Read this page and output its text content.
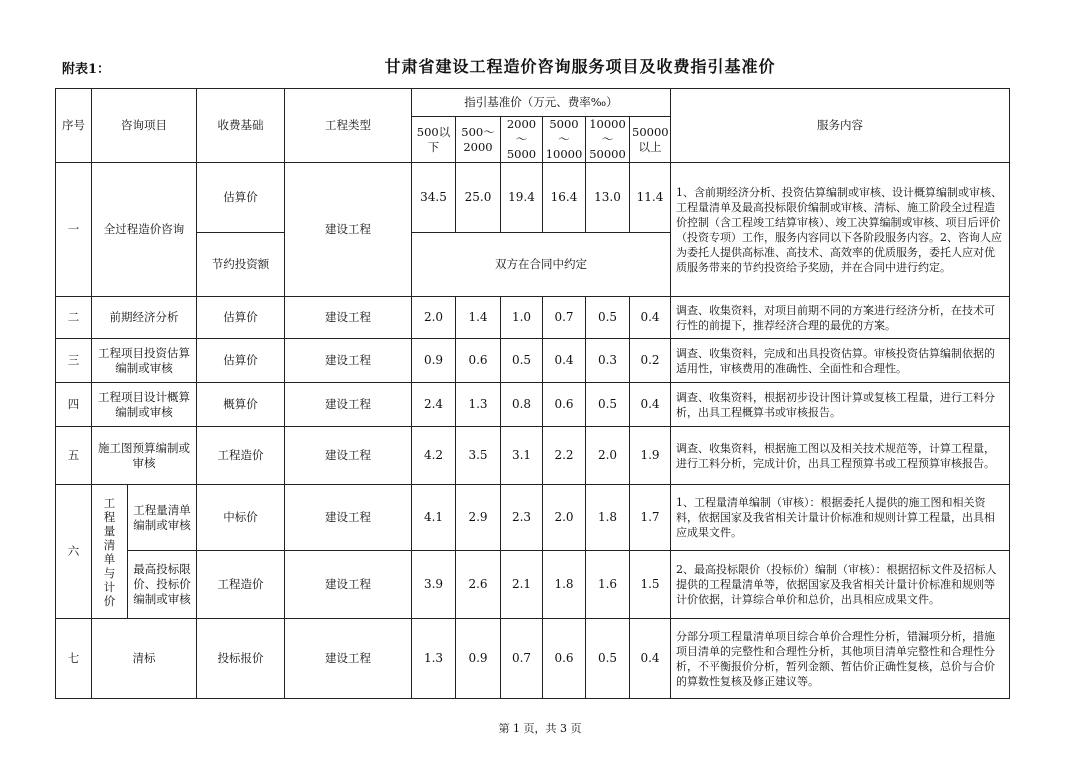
附表1：	甘肃省建设工程造价咨询服务项目及收费指引基准价
序号	咨询项目		收费基础	工程类型	指引基准价（万元、费率‰）						服务内容
					500以下	500～2000	2000～5000	5000～10000	10000～50000	50000以上	
一	全过程造价咨询		估算价	建设工程	34.5	25.0	19.4	16.4	13.0	11.4	1、含前期经济分析、投资估算编制或审核、设计概算编制或审核、工程量清单及最高投标限价编制或审核、清标、施工阶段全过程造价控制（含工程竣工结算审核）、竣工决算编制或审核、项目后评价（投资专项）工作，服务内容同以下各阶段服务内容。2、咨询人应为委托人提供高标准、高技术、高效率的优质服务，委托人应对优质服务带来的节约投资给予奖励，并在合同中进行约定。
			节约投资额		双方在合同中约定						
二	前期经济分析		估算价	建设工程	2.0	1.4	1.0	0.7	0.5	0.4	调查、收集资料，对项目前期不同的方案进行经济分析，在技术可行性的前提下，推荐经济合理的最优的方案。
三	工程项目投资估算编制或审核		估算价	建设工程	0.9	0.6	0.5	0.4	0.3	0.2	调查、收集资料，完成和出具投资估算。审核投资估算编制依据的适用性，审核费用的准确性、全面性和合理性。
四	工程项目设计概算编制或审核		概算价	建设工程	2.4	1.3	0.8	0.6	0.5	0.4	调查、收集资料，根据初步设计图计算或复核工程量，进行工料分析，出具工程概算书或审核报告。
五	施工图预算编制或审核		工程造价	建设工程	4.2	3.5	3.1	2.2	2.0	1.9	调查、收集资料，根据施工图以及相关技术规范等，计算工程量，进行工料分析，完成计价，出具工程预算书或工程预算审核报告。
六	工程量清单与计价	工程量清单编制或审核	中标价	建设工程	4.1	2.9	2.3	2.0	1.8	1.7	1、工程量清单编制（审核）：根据委托人提供的施工图和相关资料，依据国家及我省相关计量计价标准和规则计算工程量，出具相应成果文件。
		最高投标限价、投标价编制或审核	工程造价	建设工程	3.9	2.6	2.1	1.8	1.6	1.5	2、最高投标限价（投标价）编制（审核）：根据招标文件及招标人提供的工程量清单等，依据国家及我省相关计量计价标准和规则等计价依据，计算综合单价和总价，出具相应成果文件。
七	清标		投标报价	建设工程	1.3	0.9	0.7	0.6	0.5	0.4	分部分项工程量清单项目综合单价合理性分析，错漏项分析，措施项目清单的完整性和合理性分析，其他项目清单完整性和合理性分析，不平衡报价分析，暂列金额、暂估价正确性复核，总价与合价的算数性复核及修正建议等。
第 1 页，共 3 页
